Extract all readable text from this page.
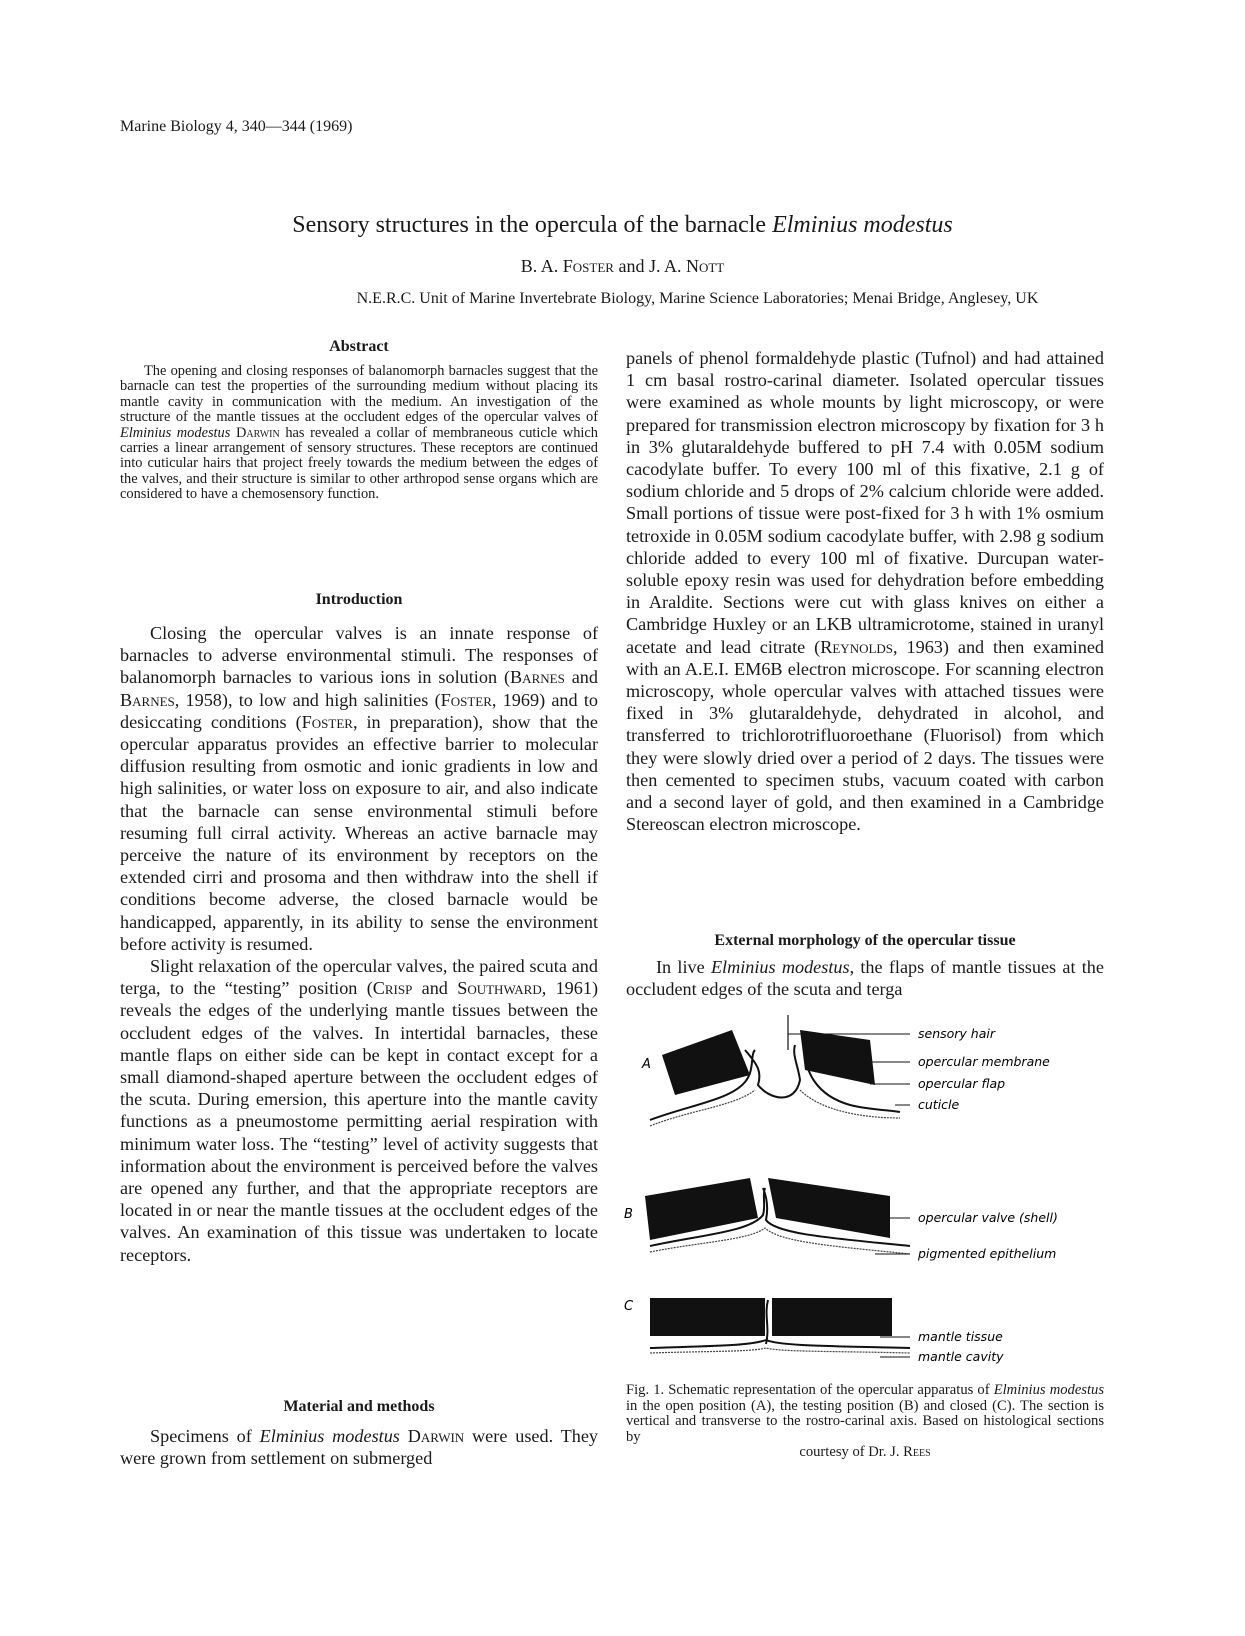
Marine Biology 4, 340—344 (1969)
Sensory structures in the opercula of the barnacle Elminius modestus
B. A. Foster and J. A. Nott
N.E.R.C. Unit of Marine Invertebrate Biology, Marine Science Laboratories; Menai Bridge, Anglesey, UK
Abstract

The opening and closing responses of balanomorph barnacles suggest that the barnacle can test the properties of the surrounding medium without placing its mantle cavity in communication with the medium. An investigation of the structure of the mantle tissues at the occludent edges of the opercular valves of Elminius modestus Darwin has revealed a collar of membraneous cuticle which carries a linear arrangement of sensory structures. These receptors are continued into cuticular hairs that project freely towards the medium between the edges of the valves, and their structure is similar to other arthropod sense organs which are considered to have a chemosensory function.

Introduction

Closing the opercular valves is an innate response of barnacles to adverse environmental stimuli. The responses of balanomorph barnacles to various ions in solution (Barnes and Barnes, 1958), to low and high salinities (Foster, 1969) and to desiccating conditions (Foster, in preparation), show that the opercular apparatus provides an effective barrier to molecular diffusion resulting from osmotic and ionic gradients in low and high salinities, or water loss on exposure to air, and also indicate that the barnacle can sense environmental stimuli before resuming full cirral activity. Whereas an active barnacle may perceive the nature of its environment by receptors on the extended cirri and prosoma and then withdraw into the shell if conditions become adverse, the closed barnacle would be handicapped, apparently, in its ability to sense the environment before activity is resumed.

Slight relaxation of the opercular valves, the paired scuta and terga, to the “testing” position (Crisp and Southward, 1961) reveals the edges of the underlying mantle tissues between the occludent edges of the valves. In intertidal barnacles, these mantle flaps on either side can be kept in contact except for a small diamond-shaped aperture between the occludent edges of the scuta. During emersion, this aperture into the mantle cavity functions as a pneumostome permitting aerial respiration with minimum water loss. The “testing” level of activity suggests that information about the environment is perceived before the valves are opened any further, and that the appropriate receptors are located in or near the mantle tissues at the occludent edges of the valves. An examination of this tissue was undertaken to locate receptors.

Material and methods

Specimens of Elminius modestus Darwin were used. They were grown from settlement on submerged

panels of phenol formaldehyde plastic (Tufnol) and had attained 1 cm basal rostro-carinal diameter. Isolated opercular tissues were examined as whole mounts by light microscopy, or were prepared for transmission electron microscopy by fixation for 3 h in 3% glutaraldehyde buffered to pH 7.4 with 0.05M sodium cacodylate buffer. To every 100 ml of this fixative, 2.1 g of sodium chloride and 5 drops of 2% calcium chloride were added. Small portions of tissue were post-fixed for 3 h with 1% osmium tetroxide in 0.05M sodium cacodylate buffer, with 2.98 g sodium chloride added to every 100 ml of fixative. Durcupan water-soluble epoxy resin was used for dehydration before embedding in Araldite. Sections were cut with glass knives on either a Cambridge Huxley or an LKB ultramicrotome, stained in uranyl acetate and lead citrate (Reynolds, 1963) and then examined with an A.E.I. EM6B electron microscope. For scanning electron microscopy, whole opercular valves with attached tissues were fixed in 3% glutaraldehyde, dehydrated in alcohol, and transferred to trichlorotrifluoroethane (Fluorisol) from which they were slowly dried over a period of 2 days. The tissues were then cemented to specimen stubs, vacuum coated with carbon and a second layer of gold, and then examined in a Cambridge Stereoscan electron microscope.

External morphology of the opercular tissue

In live Elminius modestus, the flaps of mantle tissues at the occludent edges of the scuta and terga

A
sensory hair
opercular membrane
opercular flap
cuticle
B	opercular valve (shell)
pigmented epithelium
C
mantle tissue
mantle cavity
Fig. 1. Schematic representation of the opercular apparatus of Elminius modestus in the open position (A), the testing position (B) and closed (C). The section is vertical and transverse to the rostro-carinal axis. Based on histological sections by
courtesy of Dr. J. Rees
